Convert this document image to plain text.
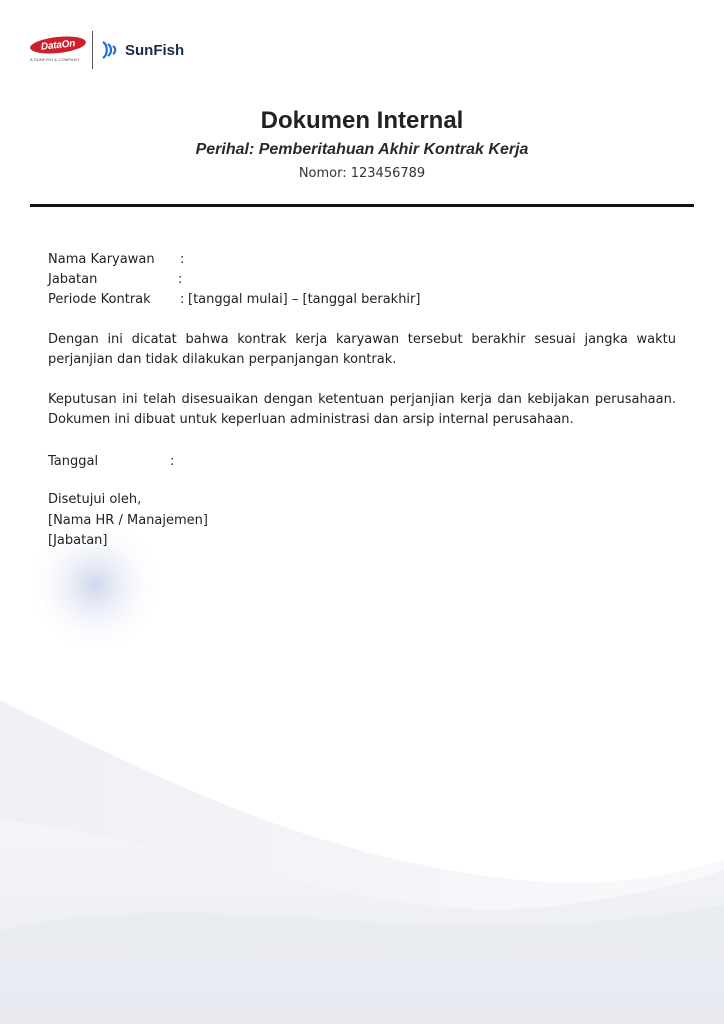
DataOn
A SUNFISH & COMPANY
SunFish
Dokumen Internal
Perihal: Pemberitahuan Akhir Kontrak Kerja
Nomor: 123456789
Nama Karyawan :
Jabatan	:
Periode Kontrak : [tanggal mulai] – [tanggal berakhir]
Dengan ini dicatat bahwa kontrak kerja karyawan tersebut berakhir sesuai jangka waktu perjanjian dan tidak dilakukan perpanjangan kontrak.
Keputusan ini telah disesuaikan dengan ketentuan perjanjian kerja dan kebijakan perusahaan. Dokumen ini dibuat untuk keperluan administrasi dan arsip internal perusahaan.
Tanggal	:
Disetujui oleh,
[Nama HR / Manajemen]
[Jabatan]
